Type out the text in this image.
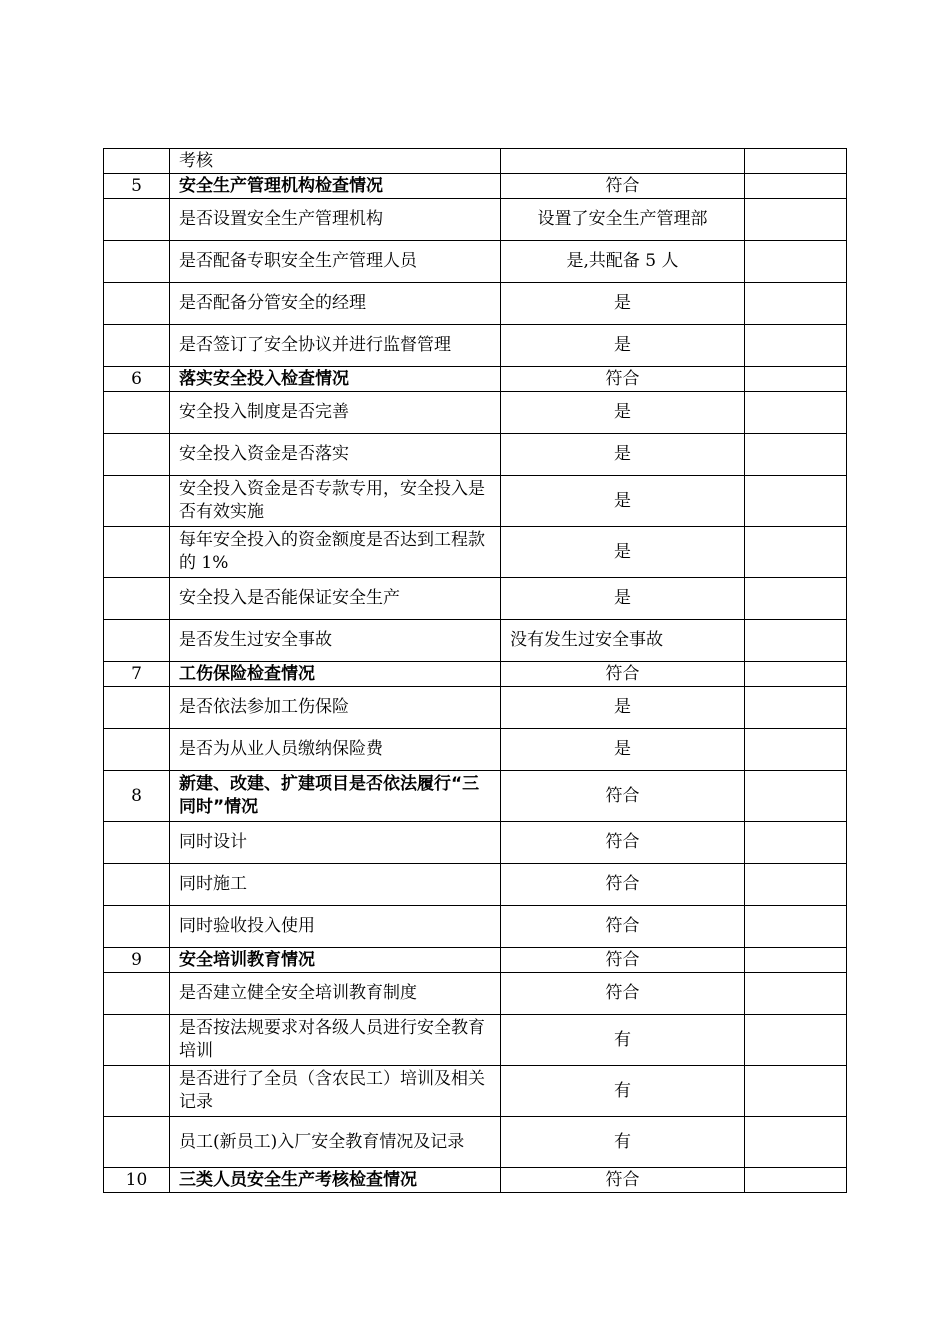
	考核		
5	安全生产管理机构检查情况	符合	
	是否设置安全生产管理机构	设置了安全生产管理部	
	是否配备专职安全生产管理人员	是,共配备 5 人	
	是否配备分管安全的经理	是	
	是否签订了安全协议并进行监督管理	是	
6	落实安全投入检查情况	符合	
	安全投入制度是否完善	是	
	安全投入资金是否落实	是	
	安全投入资金是否专款专用，安全投入是否有效实施	是	
	每年安全投入的资金额度是否达到工程款的 1%	是	
	安全投入是否能保证安全生产	是	
	是否发生过安全事故	没有发生过安全事故	
7	工伤保险检查情况	符合	
	是否依法参加工伤保险	是	
	是否为从业人员缴纳保险费	是	
8	新建、改建、扩建项目是否依法履行“三同时”情况	符合	
	同时设计	符合	
	同时施工	符合	
	同时验收投入使用	符合	
9	安全培训教育情况	符合	
	是否建立健全安全培训教育制度	符合	
	是否按法规要求对各级人员进行安全教育培训	有	
	是否进行了全员（含农民工）培训及相关记录	有	
	员工(新员工)入厂安全教育情况及记录	有	
10	三类人员安全生产考核检查情况	符合	
